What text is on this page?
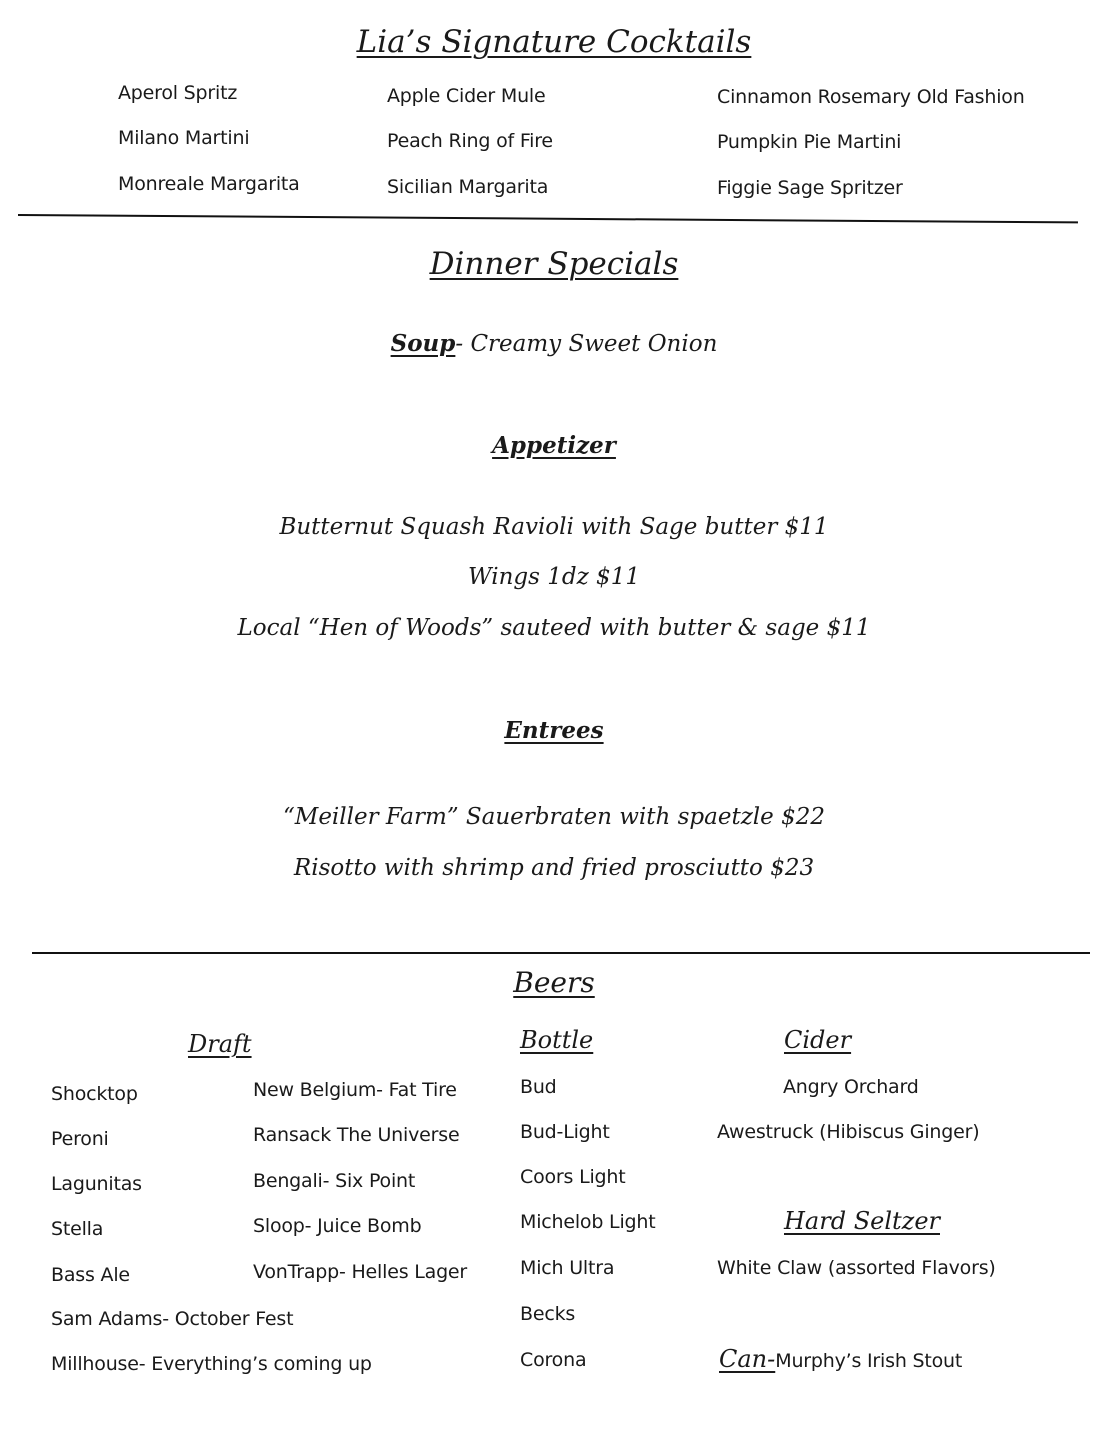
Lia’s Signature Cocktails
Aperol Spritz
Milano Martini
Monreale Margarita
Apple Cider Mule
Peach Ring of Fire
Sicilian Margarita
Cinnamon Rosemary Old Fashion
Pumpkin Pie Martini
Figgie Sage Spritzer
Dinner Specials
Soup- Creamy Sweet Onion
Appetizer
Butternut Squash Ravioli with Sage butter $11
Wings 1dz $11
Local “Hen of Woods” sauteed with butter & sage $11
Entrees
“Meiller Farm” Sauerbraten with spaetzle $22
Risotto with shrimp and fried prosciutto $23
Beers
Draft	Bottle	Cider
Shocktop
Peroni
Lagunitas
Stella
Bass Ale
Sam Adams- October Fest
Millhouse- Everything’s coming up
New Belgium- Fat Tire
Ransack The Universe
Bengali- Six Point
Sloop- Juice Bomb
VonTrapp- Helles Lager
Bud
Bud-Light
Coors Light
Michelob Light
Mich Ultra
Becks
Corona
Angry Orchard
Awestruck (Hibiscus Ginger)
Hard Seltzer
White Claw (assorted Flavors)
Can-Murphy’s Irish Stout
